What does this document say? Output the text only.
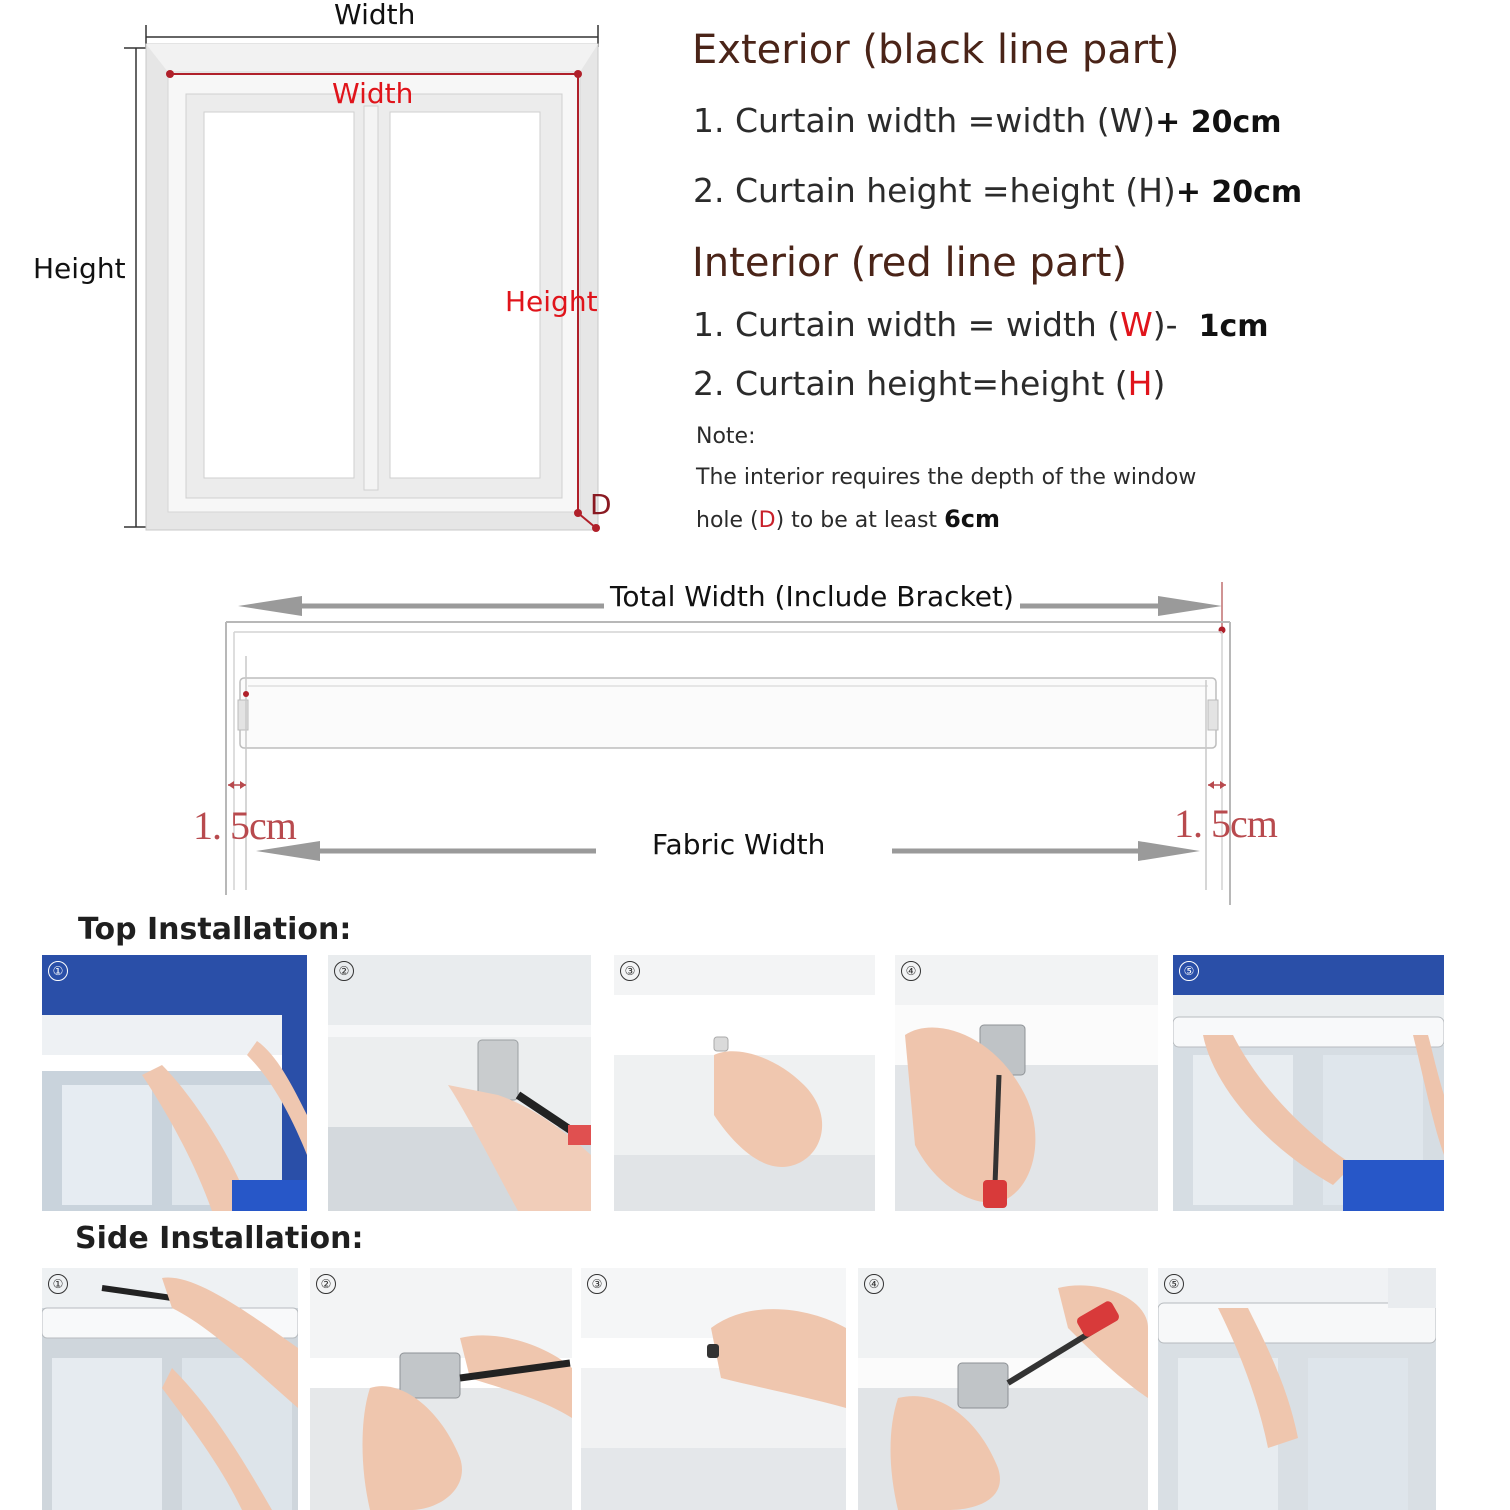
Width
Width
Height
Height
D
Exterior (black line part)
1. Curtain width =width (W)+ 20cm
2. Curtain height =height (H)+ 20cm
Interior (red line part)
1. Curtain width = width (W)- 1cm
2. Curtain height=height (H)
Note:
The interior requires the depth of the window
hole (D) to be at least 6cm
Total Width (Include Bracket)
Fabric Width
1. 5cm	1. 5cm
Top Installation:
①	②	③	④	⑤
Side Installation:
①	②	③	④	⑤
